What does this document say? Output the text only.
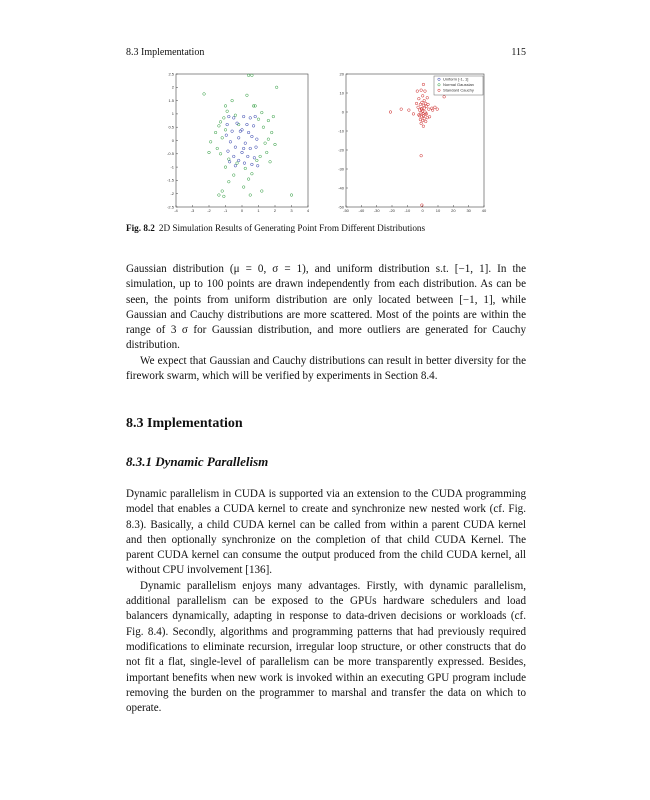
8.3 Implementation	115
-4	-3	-2	-1	0	1	2	3	4
-2.5
-2
-1.5
-1
-0.5
0
0.5
1
1.5
2
2.5
-50 -40 -30 -20 -10	0	10	20	30	40
-50
-40
-30
-20
-10
0
10
20
Uniform [-1, 1]
Normal Gaussian
Standard Cauchy
Fig. 8.2 2D Simulation Results of Generating Point From Different Distributions

Gaussian distribution (μ = 0, σ = 1), and uniform distribution s.t. [−1, 1]. In the simulation, up to 100 points are drawn independently from each distribution. As can be seen, the points from uniform distribution are only located between [−1, 1], while Gaussian and Cauchy distributions are more scattered. Most of the points are within the range of 3 σ for Gaussian distribution, and more outliers are generated for Cauchy distribution.

We expect that Gaussian and Cauchy distributions can result in better diversity for the firework swarm, which will be verified by experiments in Section 8.4.

8.3 Implementation
8.3.1 Dynamic Parallelism

Dynamic parallelism in CUDA is supported via an extension to the CUDA programming model that enables a CUDA kernel to create and synchronize new nested work (cf. Fig. 8.3). Basically, a child CUDA kernel can be called from within a parent CUDA kernel and then optionally synchronize on the completion of that child CUDA Kernel. The parent CUDA kernel can consume the output produced from the child CUDA kernel, all without CPU involvement [136].

Dynamic parallelism enjoys many advantages. Firstly, with dynamic parallelism, additional parallelism can be exposed to the GPUs hardware schedulers and load balancers dynamically, adapting in response to data-driven decisions or workloads (cf. Fig. 8.4). Secondly, algorithms and programming patterns that had previously required modifications to eliminate recursion, irregular loop structure, or other constructs that do not fit a flat, single-level of parallelism can be more transparently expressed. Besides, important benefits when new work is invoked within an executing GPU program include removing the burden on the programmer to marshal and transfer the data on which to operate.
